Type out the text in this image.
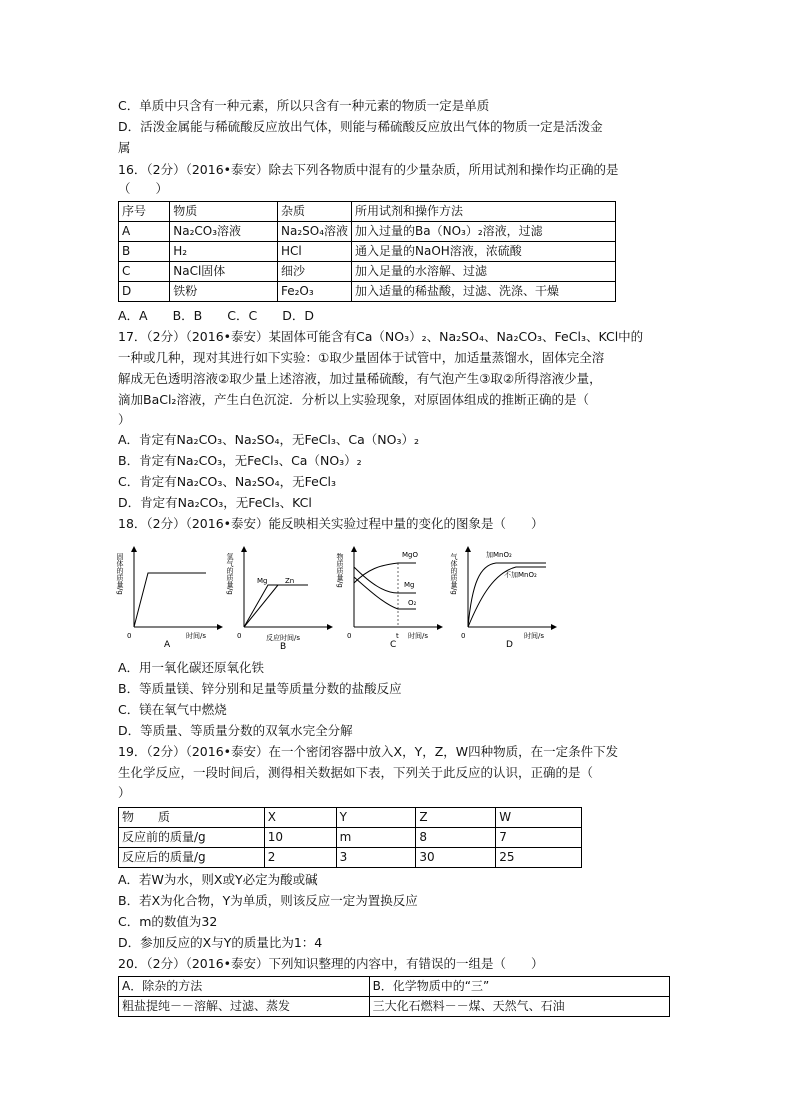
C．单质中只含有一种元素，所以只含有一种元素的物质一定是单质
D．活泼金属能与稀硫酸反应放出气体，则能与稀硫酸反应放出气体的物质一定是活泼金
属
16．（2分）（2016•泰安）除去下列各物质中混有的少量杂质，所用试剂和操作均正确的是
（　　）
序号	物质	杂质	所用试剂和操作方法
A	Na₂CO₃溶液	Na₂SO₄溶液	加入过量的Ba（NO₃）₂溶液，过滤
B	H₂	HCl	通入足量的NaOH溶液，浓硫酸
C	NaCl固体	细沙	加入足量的水溶解、过滤
D	铁粉	Fe₂O₃	加入适量的稀盐酸，过滤、洗涤、干燥
A．A　　B．B　　C．C　　D．D
17．（2分）（2016•泰安）某固体可能含有Ca（NO₃）₂、Na₂SO₄、Na₂CO₃、FeCl₃、KCl中的
一种或几种，现对其进行如下实验：①取少量固体于试管中，加适量蒸馏水，固体完全溶
解成无色透明溶液②取少量上述溶液，加过量稀硫酸，有气泡产生③取②所得溶液少量，
滴加BaCl₂溶液，产生白色沉淀．分析以上实验现象，对原固体组成的推断正确的是（
）
A．肯定有Na₂CO₃、Na₂SO₄，无FeCl₃、Ca（NO₃）₂
B．肯定有Na₂CO₃，无FeCl₃、Ca（NO₃）₂
C．肯定有Na₂CO₃、Na₂SO₄，无FeCl₃
D．肯定有Na₂CO₃，无FeCl₃、KCl
18．（2分）（2016•泰安）能反映相关实验过程中量的变化的图象是（　　）
固体的质量/g
时间/s
0
A
氢气的质量/g
反应时间/s
0
Mg	Zn
B
物质质量/g
时间/s
0	t
MgO
Mg
O₂
C
气体的质量/g
时间/s
0
加MnO₂
不加MnO₂
D
A．用一氧化碳还原氧化铁
B．等质量镁、锌分别和足量等质量分数的盐酸反应
C．镁在氧气中燃烧
D．等质量、等质量分数的双氧水完全分解
19．（2分）（2016•泰安）在一个密闭容器中放入X，Y，Z，W四种物质，在一定条件下发
生化学反应，一段时间后，测得相关数据如下表，下列关于此反应的认识，正确的是（
）
物　　质	X	Y	Z	W
反应前的质量/g	10	m	8	7
反应后的质量/g	2	3	30	25
A．若W为水，则X或Y必定为酸或碱
B．若X为化合物，Y为单质，则该反应一定为置换反应
C．m的数值为32
D．参加反应的X与Y的质量比为1：4
20．（2分）（2016•泰安）下列知识整理的内容中，有错误的一组是（　　）
A．除杂的方法	B．化学物质中的“三”
粗盐提纯－－溶解、过滤、蒸发	三大化石燃料－－煤、天然气、石油
